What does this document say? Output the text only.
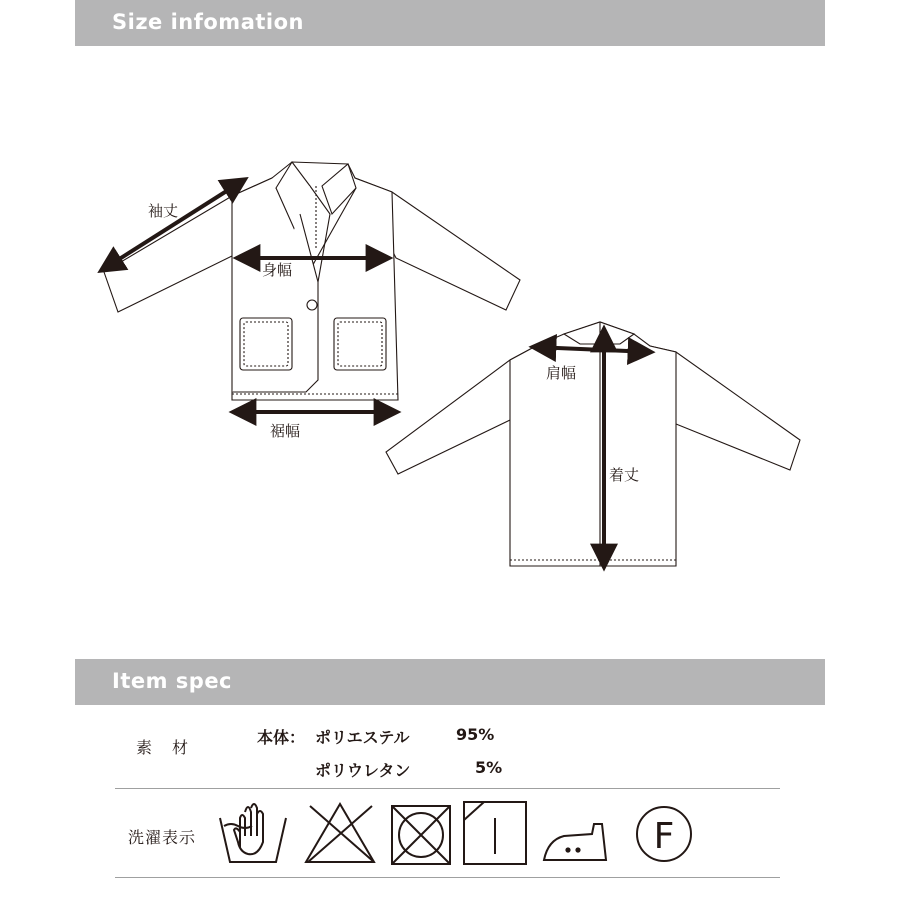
Size infomation
袖丈
身幅
裾幅
肩幅
着丈
Item spec
素　材
本体： ポリエステル	95%
ポリウレタン	5%
洗濯表示	F
